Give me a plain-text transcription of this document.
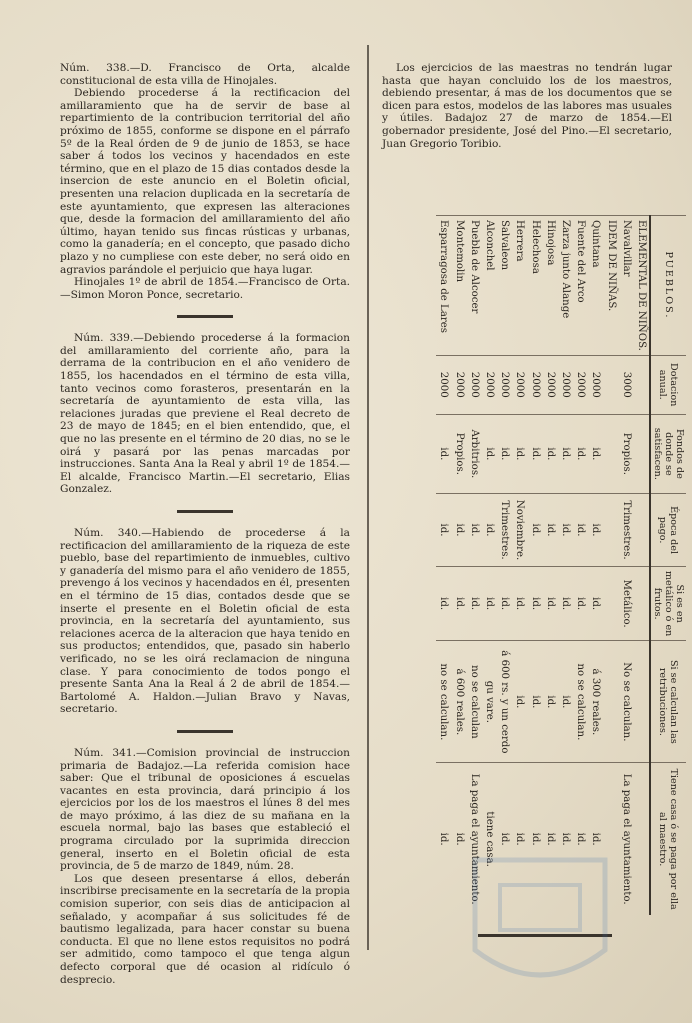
Núm. 338.—D. Francisco de Orta, alcalde constitucional de esta villa de Hinojales.

Debiendo procederse á la rectificacion del amillaramiento que ha de servir de base al repartimiento de la contribucion territorial del año próximo de 1855, conforme se dispone en el párrafo 5º de la Real órden de 9 de junio de 1853, se hace saber á todos los vecinos y hacendados en este término, que en el plazo de 15 dias contados desde la insercion de este anuncio en el Boletin oficial, presenten una relacion duplicada en la secretaría de este ayuntamiento, que expresen las alteraciones que, desde la formacion del amillaramiento del año último, hayan tenido sus fincas rústicas y urbanas, como la ganadería; en el concepto, que pasado dicho plazo y no cumpliese con este deber, no será oido en agravios parándole el perjuicio que haya lugar.

Hinojales 1º de abril de 1854.—Francisco de Orta.—Simon Moron Ponce, secretario.

Núm. 339.—Debiendo procederse á la formacion del amillaramiento del corriente año, para la derrama de la contribucion en el año venidero de 1855, los hacendados en el término de esta villa, tanto vecinos como forasteros, presentarán en la secretaría de ayuntamiento de esta villa, las relaciones juradas que previene el Real decreto de 23 de mayo de 1845; en el bien entendido, que, el que no las presente en el término de 20 dias, no se le oirá y pasará por las penas marcadas por instrucciones. Santa Ana la Real y abril 1º de 1854.—El alcalde, Francisco Martin.—El secretario, Elias Gonzalez.

Núm. 340.—Habiendo de procederse á la rectificacion del amillaramiento de la riqueza de este pueblo, base del repartimiento de inmuebles, cultivo y ganadería del mismo para el año venidero de 1855, prevengo á los vecinos y hacendados en él, presenten en el término de 15 dias, contados desde que se inserte el presente en el Boletin oficial de esta provincia, en la secretaría del ayuntamiento, sus relaciones acerca de la alteracion que haya tenido en sus productos; entendidos, que, pasado sin haberlo verificado, no se les oirá reclamacion de ninguna clase. Y para conocimiento de todos pongo el presente Santa Ana la Real á 2 de abril de 1854.—Bartolomé A. Haldon.—Julian Bravo y Navas, secretario.

Núm. 341.—Comision provincial de instruccion primaria de Badajoz.—La referida comision hace saber: Que el tribunal de oposiciones á escuelas vacantes en esta provincia, dará principio á los ejercicios por los de los maestros el lúnes 8 del mes de mayo próximo, á las diez de su mañana en la escuela normal, bajo las bases que estableció el programa circulado por la suprimida direccion general, inserto en el Boletin oficial de esta provincia, de 5 de marzo de 1849, núm. 28.

Los que deseen presentarse á ellos, deberán inscribirse precisamente en la secretaría de la propia comision superior, con seis dias de anticipacion al señalado, y acompañar á sus solicitudes fé de bautismo legalizada, para hacer constar su buena conducta. El que no llene estos requisitos no podrá ser admitido, como tampoco el que tenga algun defecto corporal que dé ocasion al ridículo ó desprecio.

Los ejercicios de las maestras no tendrán lugar hasta que hayan concluido los de los maestros, debiendo presentar, á mas de los documentos que se dicen para estos, modelos de las labores mas usuales y útiles. Badajoz 27 de marzo de 1854.—El gobernador presidente, José del Pino.—El secretario, Juan Gregorio Toribio.

PUEBLOS.	Dotacion anual.	Fondos de donde se satisfacen.	Época del pago.	Si es en metálico ó en frutos.	Si se calculan las retribuciones.	Tiene casa ó se paga por ella al maestro.
ELEMENTAL DE NIÑOS.						
Navalvillar	3000	Propios.	Trimestres.	Metálico.	No se calculan.	La paga el ayuntamiento.
IDEM DE NIÑAS.						
Quintana	2000	id.	id.	id.	á 300 reales.	id.
Fuente del Arco	2000	id.	id.	id.	no se calculan.	id.
Zarza junto Alange	2000	id.	id.	id.	id.	id.
Hinojosa	2000	id.	id.	id.	id.	id.
Helechosa	2000	id.	id.	id.	id.	id.
Herrera	2000	id.	Noviembre.	id.	id.	id.
Salvaleon	2000	id.	Trimestres.	id.	á 600 rs. y un cerdo	id.
Alconchel	2000	id.	id.	id.	gu vare.	tiene casa.
Puebla de Alcocer	2000	Arbitrios.	id.	id.	no se calculan	La paga el ayuntamiento.
Montemolin	2000	Propios.	id.	id.	á 600 reales.	id.
Esparragosa de Lares	2000	id.	id.	id.	no se calculan.	id.
